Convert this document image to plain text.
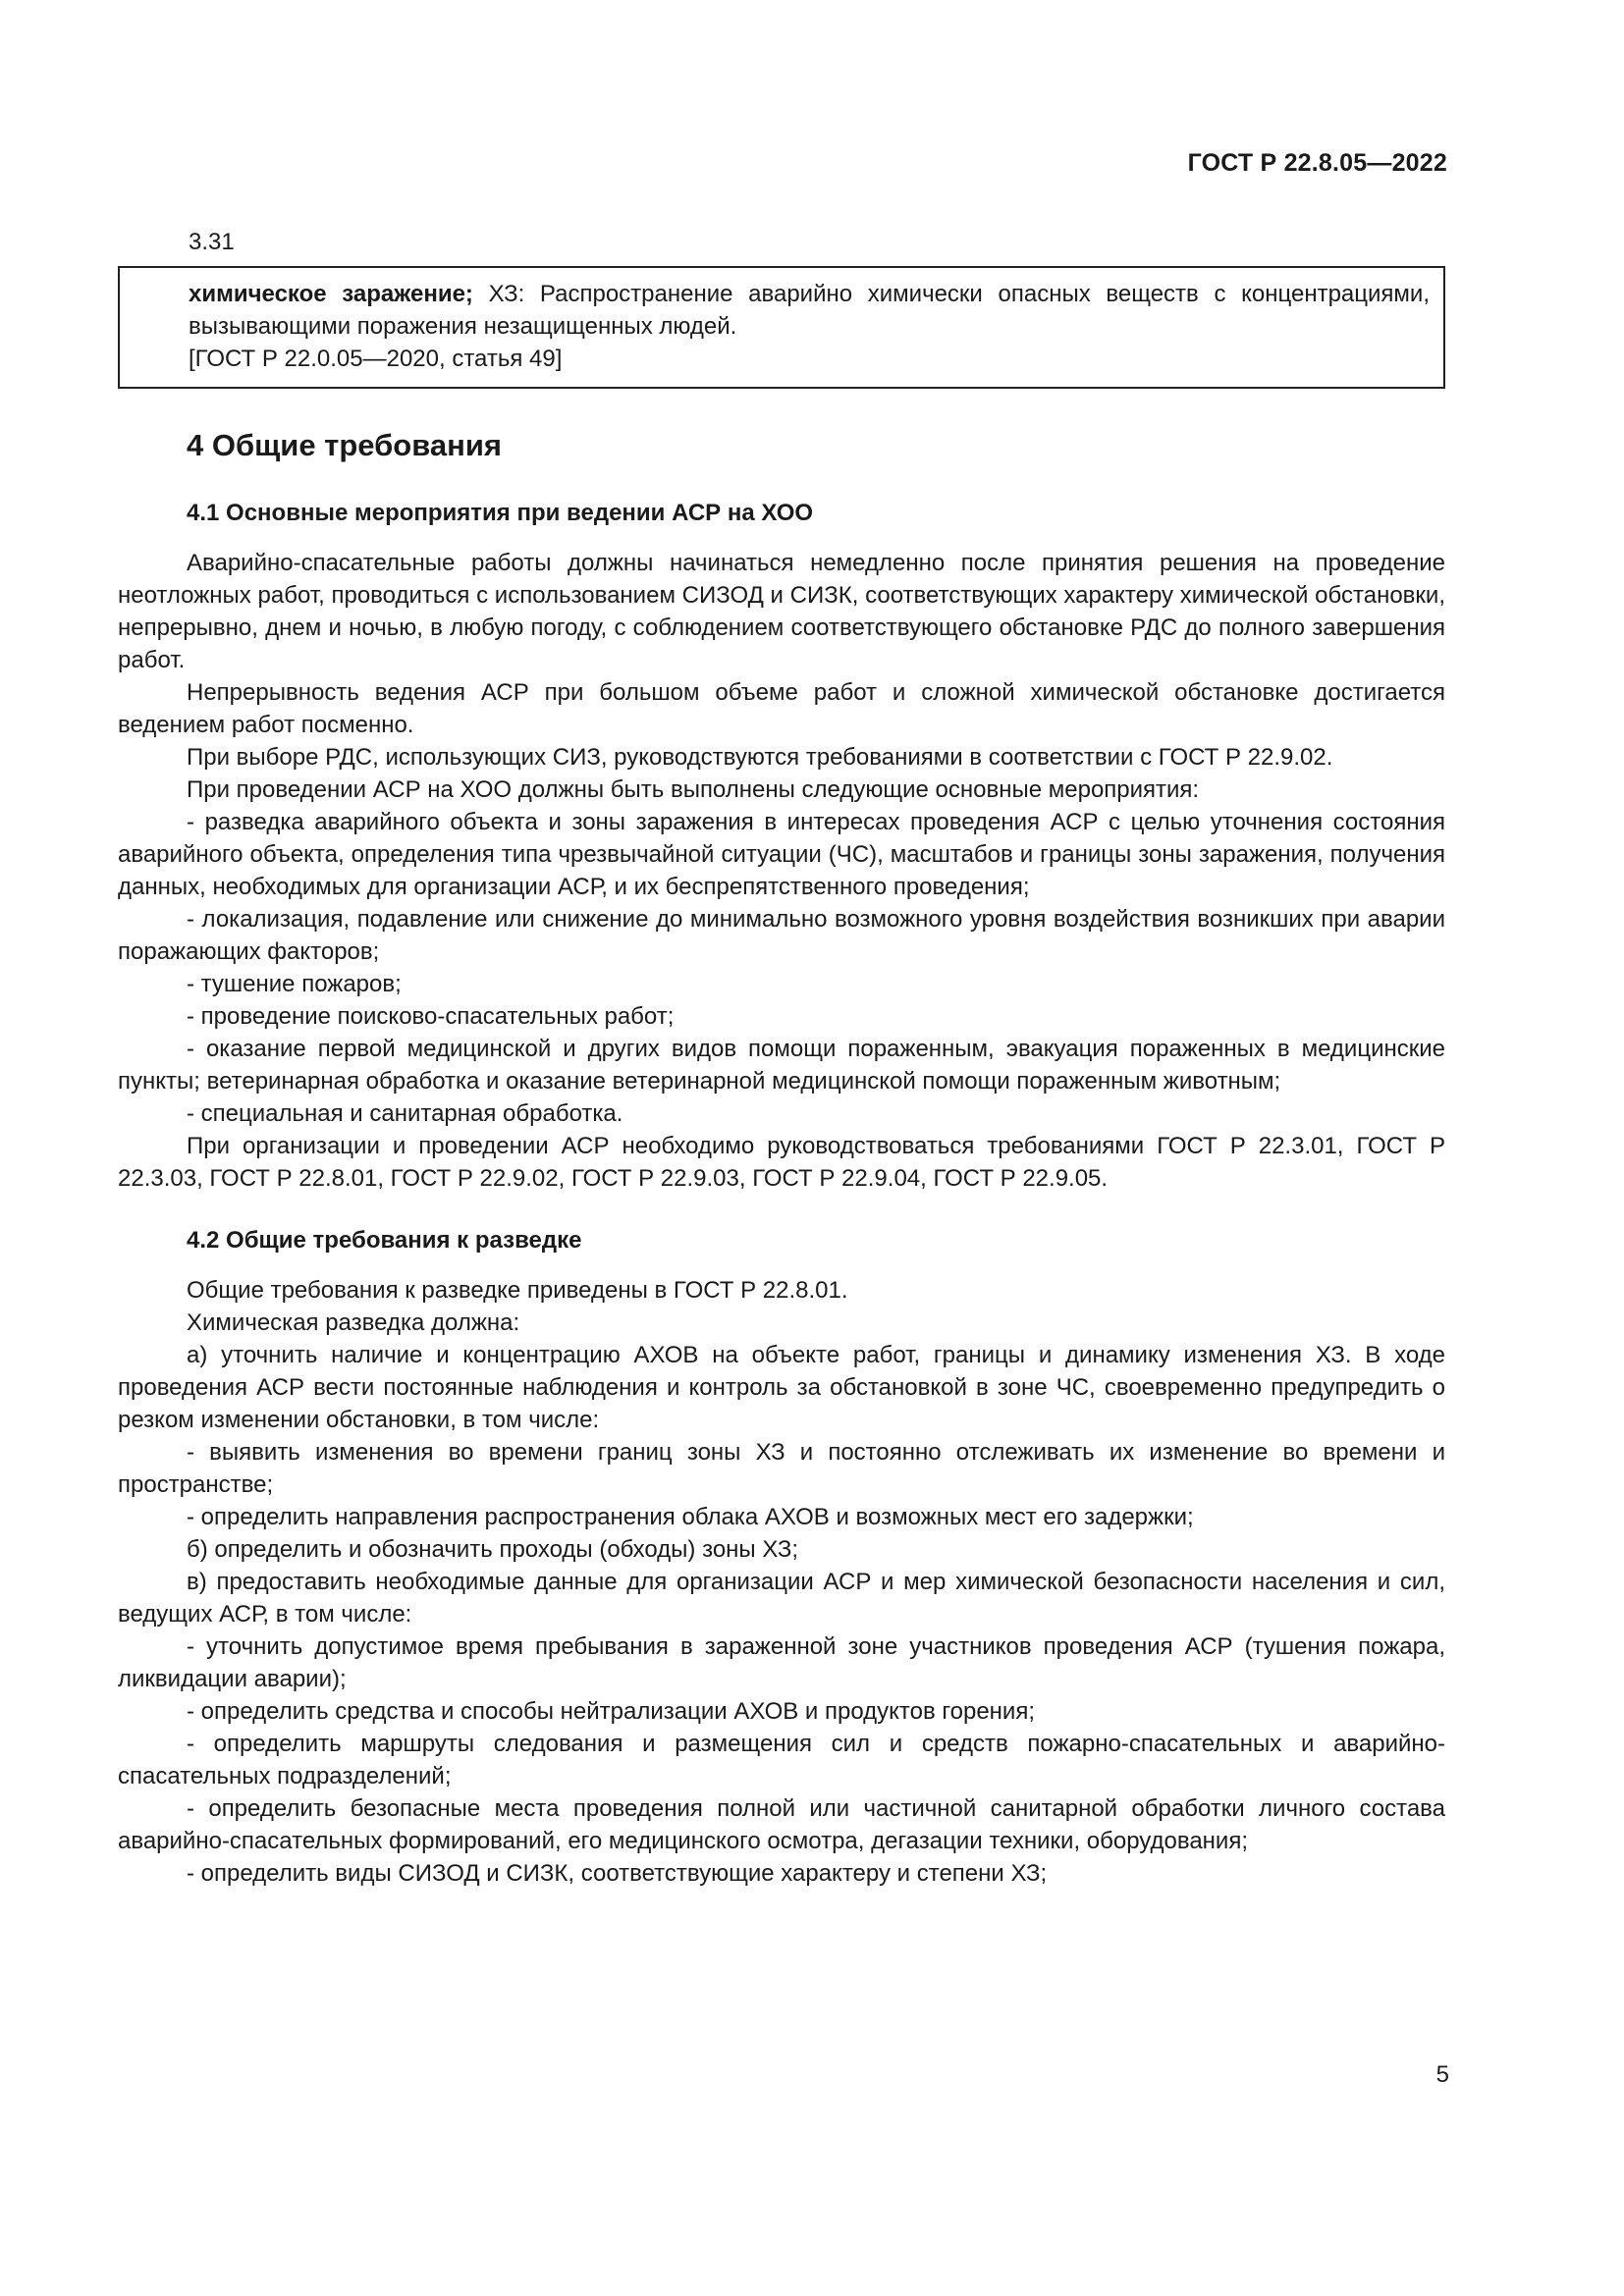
ГОСТ Р 22.8.05—2022
3.31
химическое заражение; ХЗ: Распространение аварийно химически опасных веществ с концентрациями, вызывающими поражения незащищенных людей.
[ГОСТ Р 22.0.05—2020, статья 49]
4 Общие требования
4.1 Основные мероприятия при ведении АСР на ХОО

Аварийно-спасательные работы должны начинаться немедленно после принятия решения на проведение неотложных работ, проводиться с использованием СИЗОД и СИЗК, соответствующих характеру химической обстановки, непрерывно, днем и ночью, в любую погоду, с соблюдением соответствующего обстановке РДС до полного завершения работ.

Непрерывность ведения АСР при большом объеме работ и сложной химической обстановке достигается ведением работ посменно.

При выборе РДС, использующих СИЗ, руководствуются требованиями в соответствии с ГОСТ Р 22.9.02.

При проведении АСР на ХОО должны быть выполнены следующие основные мероприятия:

- разведка аварийного объекта и зоны заражения в интересах проведения АСР с целью уточнения состояния аварийного объекта, определения типа чрезвычайной ситуации (ЧС), масштабов и границы зоны заражения, получения данных, необходимых для организации АСР, и их беспрепятственного проведения;

- локализация, подавление или снижение до минимально возможного уровня воздействия возникших при аварии поражающих факторов;

- тушение пожаров;

- проведение поисково-спасательных работ;

- оказание первой медицинской и других видов помощи пораженным, эвакуация пораженных в медицинские пункты; ветеринарная обработка и оказание ветеринарной медицинской помощи пораженным животным;

- специальная и санитарная обработка.

При организации и проведении АСР необходимо руководствоваться требованиями ГОСТ Р 22.3.01, ГОСТ Р 22.3.03, ГОСТ Р 22.8.01, ГОСТ Р 22.9.02, ГОСТ Р 22.9.03, ГОСТ Р 22.9.04, ГОСТ Р 22.9.05.

4.2 Общие требования к разведке

Общие требования к разведке приведены в ГОСТ Р 22.8.01.

Химическая разведка должна:

а) уточнить наличие и концентрацию АХОВ на объекте работ, границы и динамику изменения ХЗ. В ходе проведения АСР вести постоянные наблюдения и контроль за обстановкой в зоне ЧС, своевременно предупредить о резком изменении обстановки, в том числе:

- выявить изменения во времени границ зоны ХЗ и постоянно отслеживать их изменение во времени и пространстве;

- определить направления распространения облака АХОВ и возможных мест его задержки;

б) определить и обозначить проходы (обходы) зоны ХЗ;

в) предоставить необходимые данные для организации АСР и мер химической безопасности населения и сил, ведущих АСР, в том числе:

- уточнить допустимое время пребывания в зараженной зоне участников проведения АСР (тушения пожара, ликвидации аварии);

- определить средства и способы нейтрализации АХОВ и продуктов горения;

- определить маршруты следования и размещения сил и средств пожарно-спасательных и аварийно-спасательных подразделений;

- определить безопасные места проведения полной или частичной санитарной обработки личного состава аварийно-спасательных формирований, его медицинского осмотра, дегазации техники, оборудования;

- определить виды СИЗОД и СИЗК, соответствующие характеру и степени ХЗ;

5
